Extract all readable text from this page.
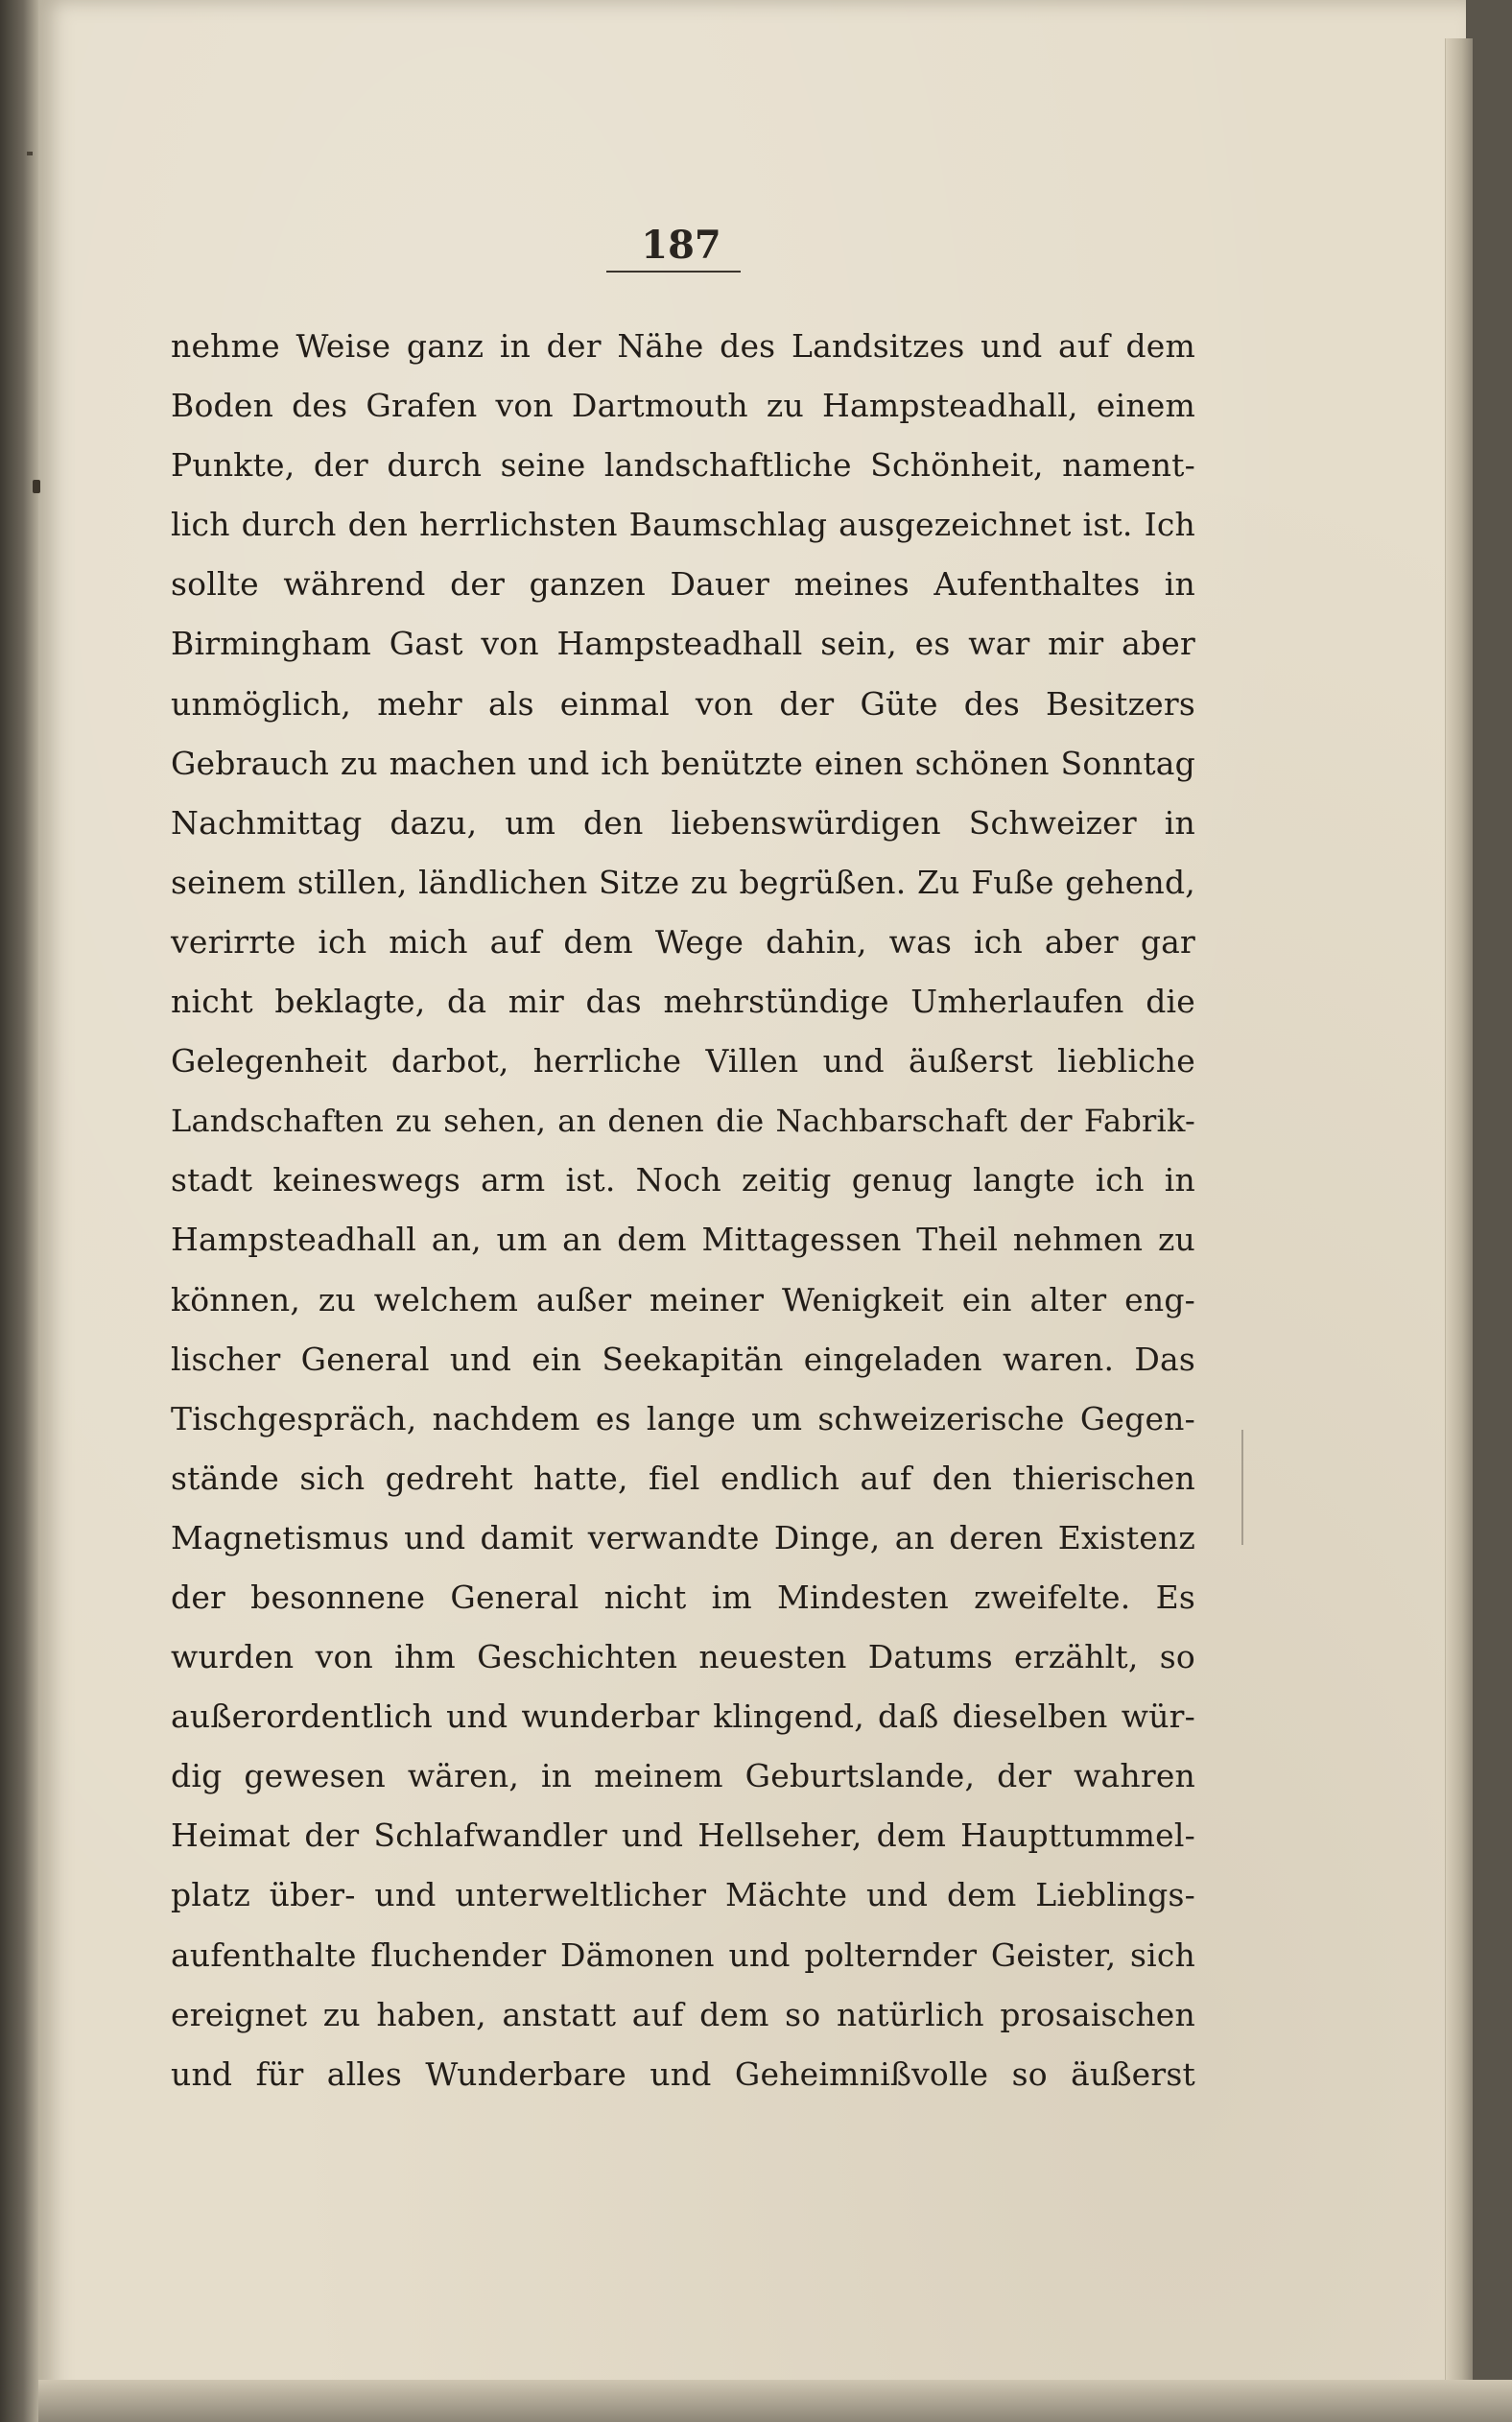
187
nehme Weise ganz in der Nähe des Landsitzes und auf dem
Boden des Grafen von Dartmouth zu Hampsteadhall, einem
Punkte, der durch seine landschaftliche Schönheit, nament-
lich durch den herrlichsten Baumschlag ausgezeichnet ist. Ich
sollte während der ganzen Dauer meines Aufenthaltes in
Birmingham Gast von Hampsteadhall sein, es war mir aber
unmöglich, mehr als einmal von der Güte des Besitzers
Gebrauch zu machen und ich benützte einen schönen Sonntag
Nachmittag dazu, um den liebenswürdigen Schweizer in
seinem stillen, ländlichen Sitze zu begrüßen. Zu Fuße gehend,
verirrte ich mich auf dem Wege dahin, was ich aber gar
nicht beklagte, da mir das mehrstündige Umherlaufen die
Gelegenheit darbot, herrliche Villen und äußerst liebliche
Landschaften zu sehen, an denen die Nachbarschaft der Fabrik-
stadt keineswegs arm ist. Noch zeitig genug langte ich in
Hampsteadhall an, um an dem Mittagessen Theil nehmen zu
können, zu welchem außer meiner Wenigkeit ein alter eng-
lischer General und ein Seekapitän eingeladen waren. Das
Tischgespräch, nachdem es lange um schweizerische Gegen-
stände sich gedreht hatte, fiel endlich auf den thierischen
Magnetismus und damit verwandte Dinge, an deren Existenz
der besonnene General nicht im Mindesten zweifelte. Es
wurden von ihm Geschichten neuesten Datums erzählt, so
außerordentlich und wunderbar klingend, daß dieselben wür-
dig gewesen wären, in meinem Geburtslande, der wahren
Heimat der Schlafwandler und Hellseher, dem Haupttummel-
platz über- und unterweltlicher Mächte und dem Lieblings-
aufenthalte fluchender Dämonen und polternder Geister, sich
ereignet zu haben, anstatt auf dem so natürlich prosaischen
und für alles Wunderbare und Geheimnißvolle so äußerst
